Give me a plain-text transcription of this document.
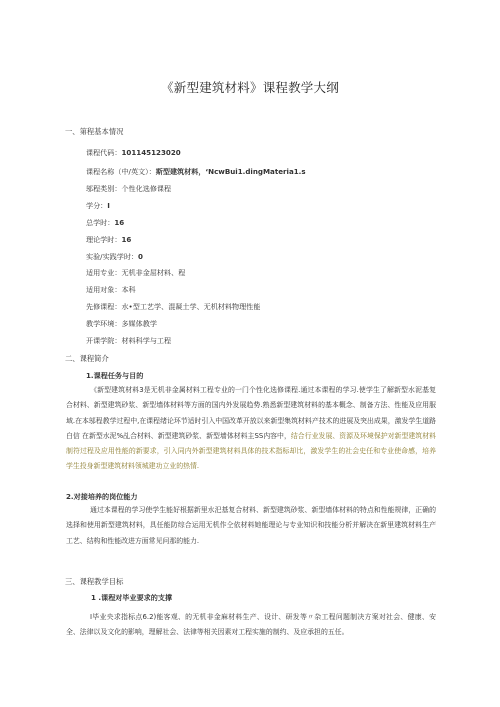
《新型建筑材料》课程教学大纲
一、第程基本情况
课程代码：101145123020
课程名称（中/英文）：斯型建筑材料，‘NcwBui1.dingMateria1.s
邬程类别：个性化选修课程
学分：I
总学时：16
理论学时：16
实验/实践学时：0
适用专业：无机非金屈材料、程
适用对象：本科
先修课程：水•型工艺学、混凝土学、无机材料物理性能
教学环境：多媒体教学
开课学院：材料科学与工程
二、课程简介
1.课程任务与目的
《新型建筑材料3是无机非金属材料工程专业的一门个性化选修课程.通过本课程的学习.使学生了解新型水泥基复合材料、新型建筑砂浆、新型墙体材料等方面的国内外发展趋势.熟悉新型建筑材料的基本概念、制备方法、性能及应用服域.在本邬程教学过程中,在课程绪论环节适时引入中国改革开放以来新型集筑材料产技术的进展及突出成果，激发学生道路白信 在新型水泥%乩合材料、新型建筑砂浆、新型墙体材料主SS内容中，结合行业发展、资源及环境保护对新型建筑材料制符过程及应用性能的新要求，引入同内外新型建筑材料具体的技术指标却比，激发学生的社会史任和专业使命感，培养学生投身新型建筑材料领城建功立业的热情.
2.对接培养的岗位能力
通过本课程的学习使学生能好根据新里水汜基复合材料、新型建筑砂浆、新型墙体材料的特点和性能规律，正确的选择和使用新型建筑材料，具任能防综合运用无机作仝依材料她能理论与专业知识和技能分析并解决在新里建筑材料生产工艺、结构和性能改进方面常见问那的能力.
三、课程教学目标
1 .课程对毕业要求的支撑
I毕业央求指标点6.2)能客观、的无机非金麻材料生产、设计、研发等〃杂工程问题制决方案对社会、健康、安全、法律以及文化的影响，理解社会、法律等相关因素对工程实施的制约、及应承担的五任。
